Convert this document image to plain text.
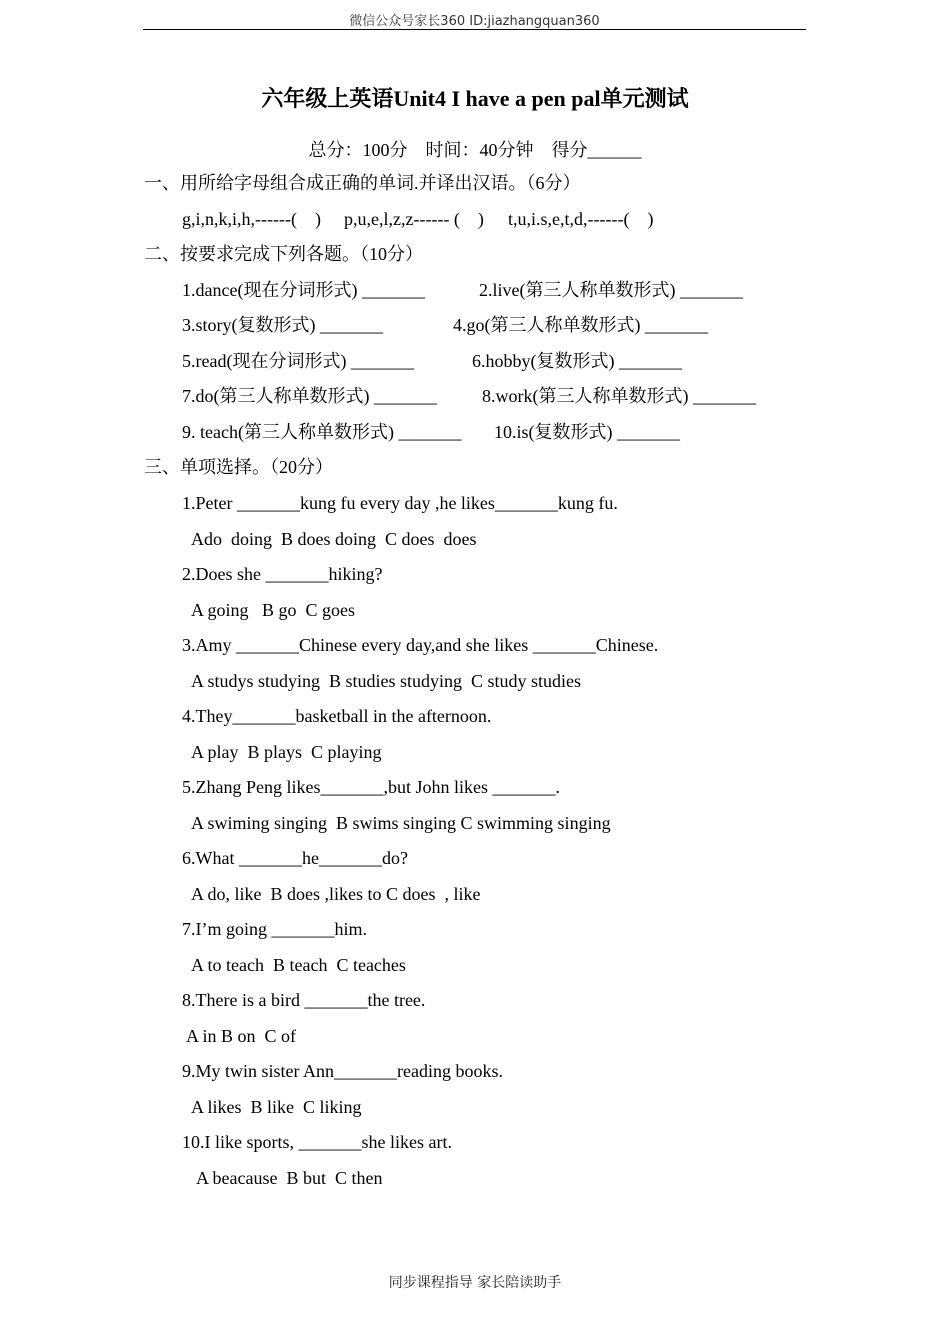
微信公众号家长360 ID:jiazhangquan360
六年级上英语Unit4 I have a pen pal单元测试
总分：100分　时间：40分钟　得分______
一、用所给字母组合成正确的单词.并译出汉语。（6分）
g,i,n,k,i,h,------(　) p,u,e,l,z,z------ (　) t,u,i.s,e,t,d,------(　)
二、按要求完成下列各题。（10分）
1.dance(现在分词形式) _______	2.live(第三人称单数形式) _______
3.story(复数形式) _______	4.go(第三人称单数形式) _______
5.read(现在分词形式) _______	6.hobby(复数形式) _______
7.do(第三人称单数形式) _______	8.work(第三人称单数形式) _______
9. teach(第三人称单数形式) _______ 10.is(复数形式) _______
三、单项选择。（20分）
1.Peter _______kung fu every day ,he likes_______kung fu.
Ado  doing  B does doing  C does  does
2.Does she _______hiking?
A going   B go  C goes
3.Amy _______Chinese every day,and she likes _______Chinese.
A studys studying  B studies studying  C study studies
4.They_______basketball in the afternoon.
A play  B plays  C playing
5.Zhang Peng likes_______,but John likes _______.
A swiming singing  B swims singing C swimming singing
6.What _______he_______do?
A do, like  B does ,likes to C does  , like
7.I’m going _______him.
A to teach  B teach  C teaches
8.There is a bird _______the tree.
A in B on  C of
9.My twin sister Ann_______reading books.
A likes  B like  C liking
10.I like sports, _______she likes art.
A beacause  B but  C then
同步课程指导 家长陪读助手
